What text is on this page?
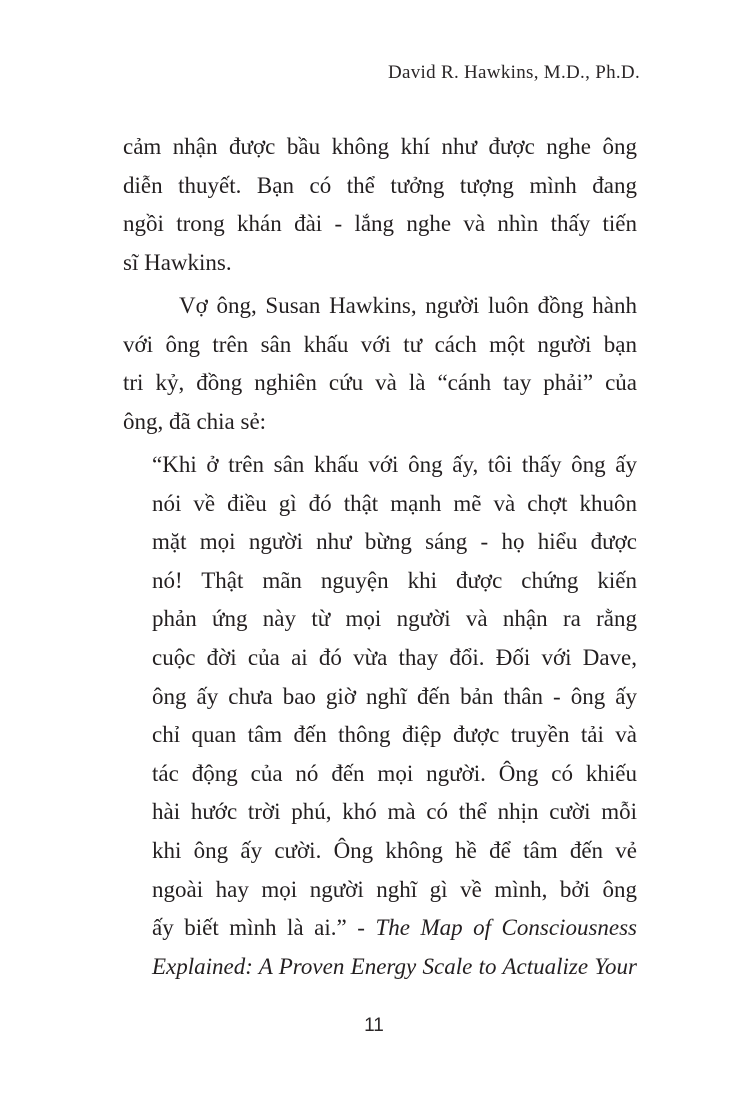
David R. Hawkins, M.D., Ph.D.
cảm nhận được bầu không khí như được nghe ông
diễn thuyết. Bạn có thể tưởng tượng mình đang
ngồi trong khán đài - lắng nghe và nhìn thấy tiến
sĩ Hawkins.
Vợ ông, Susan Hawkins, người luôn đồng hành
với ông trên sân khấu với tư cách một người bạn
tri kỷ, đồng nghiên cứu và là “cánh tay phải” của
ông, đã chia sẻ:
“Khi ở trên sân khấu với ông ấy, tôi thấy ông ấy
nói về điều gì đó thật mạnh mẽ và chợt khuôn
mặt mọi người như bừng sáng - họ hiểu được
nó! Thật mãn nguyện khi được chứng kiến
phản ứng này từ mọi người và nhận ra rằng
cuộc đời của ai đó vừa thay đổi. Đối với Dave,
ông ấy chưa bao giờ nghĩ đến bản thân - ông ấy
chỉ quan tâm đến thông điệp được truyền tải và
tác động của nó đến mọi người. Ông có khiếu
hài hước trời phú, khó mà có thể nhịn cười mỗi
khi ông ấy cười. Ông không hề để tâm đến vẻ
ngoài hay mọi người nghĩ gì về mình, bởi ông
ấy biết mình là ai.” - The Map of Consciousness
Explained: A Proven Energy Scale to Actualize Your
11
